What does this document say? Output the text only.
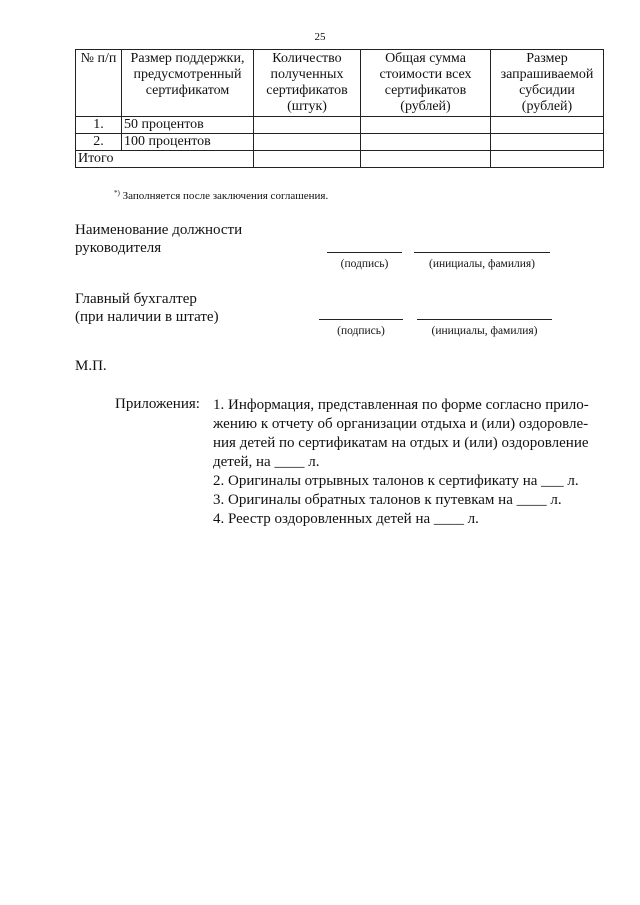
25
№ п/п	Размер поддержки, предусмотренный сертификатом	Количество полученных сертификатов (штук)	Общая сумма стоимости всех сертификатов (рублей)	Размер запрашиваемой субсидии (рублей)
1.	50 процентов			
2.	100 процентов			
Итого				
*) Заполняется после заключения соглашения.
Наименование должности
руководителя
(подпись)	(инициалы, фамилия)
Главный бухгалтер
(при наличии в штате)
(подпись)	(инициалы, фамилия)
М.П.
Приложения: 1. Информация, представленная по форме согласно прило-

жению к отчету об организации отдыха и (или) оздоровле-

ния детей по сертификатам на отдых и (или) оздоровление

детей, на ____ л.

2. Оригиналы отрывных талонов к сертификату на ___ л.
3. Оригиналы обратных талонов к путевкам на ____ л.
4. Реестр оздоровленных детей на ____ л.
